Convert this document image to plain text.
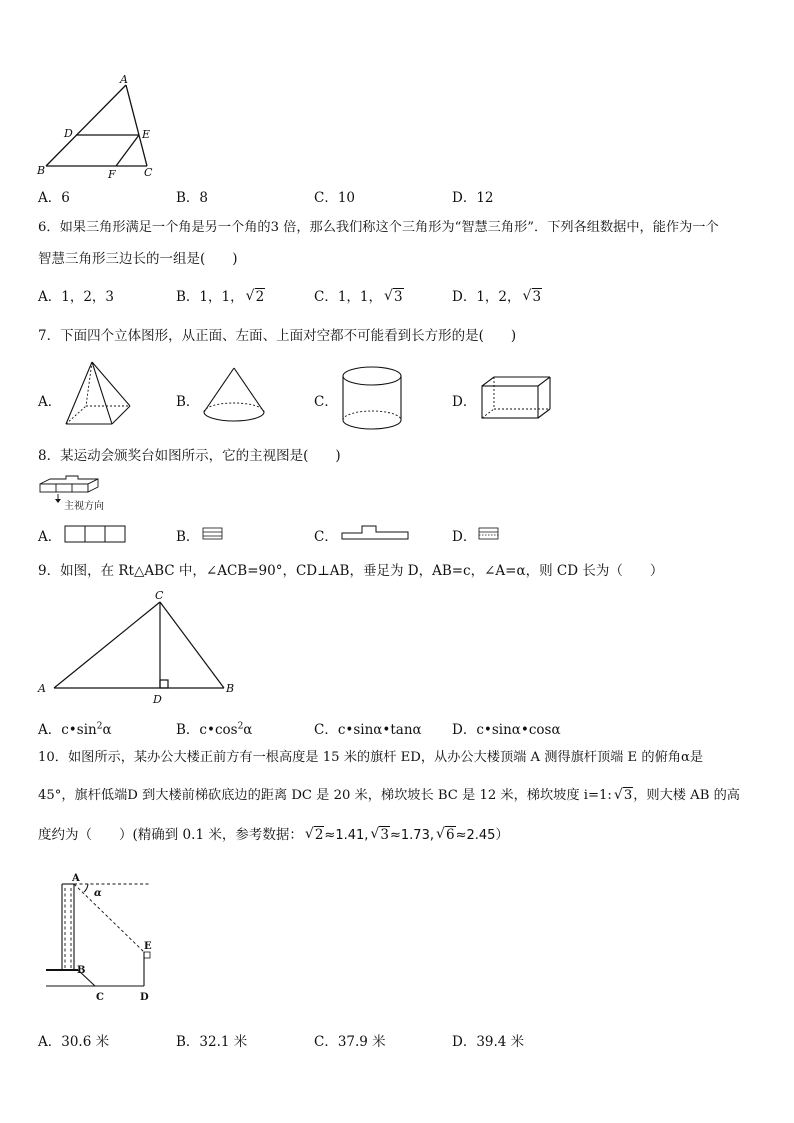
A
D	E
B	F	C
A．6	B．8	C．10	D．12
6．如果三角形满足一个角是另一个角的3 倍，那么我们称这个三角形为“智慧三角形”．下列各组数据中，能作为一个
智慧三角形三边长的一组是(　　)
A．1，2，3	B．1，1， √ 2	C．1，1， √ 3	D．1，2， √ 3
7．下面四个立体图形，从正面、左面、上面对空都不可能看到长方形的是(　　)
A．	B．	C．	D．
8．某运动会颁奖台如图所示，它的主视图是(　　)
主视方向
A．	B．	C．	D．
9．如图，在 Rt△ABC 中，∠ACB=90°，CD⊥AB，垂足为 D，AB=c，∠A=α，则 CD 长为（　　）
A	B
C
D
A．$c•\sin^2\alpha$	B．$c•\cos^2\alpha$	C．c•sinα•tanα D．c•sinα•cosα
10．如图所示，某办公大楼正前方有一根高度是 15 米的旗杆 ED，从办公大楼顶端 A 测得旗杆顶端 E 的俯角α是
45°，旗杆低端D 到大楼前梯砍底边的距离 DC 是 20 米，梯坎坡长 BC 是 12 米，梯坎坡度 i=1: √ 3，则大楼 AB 的高
度约为（　　）(精确到 0.1 米，参考数据： √ 2≈1.41, √ 3≈1.73, √ 6≈2.45）
A
α
E
B
C	D
A．30.6 米	B．32.1 米	C．37.9 米	D．39.4 米
